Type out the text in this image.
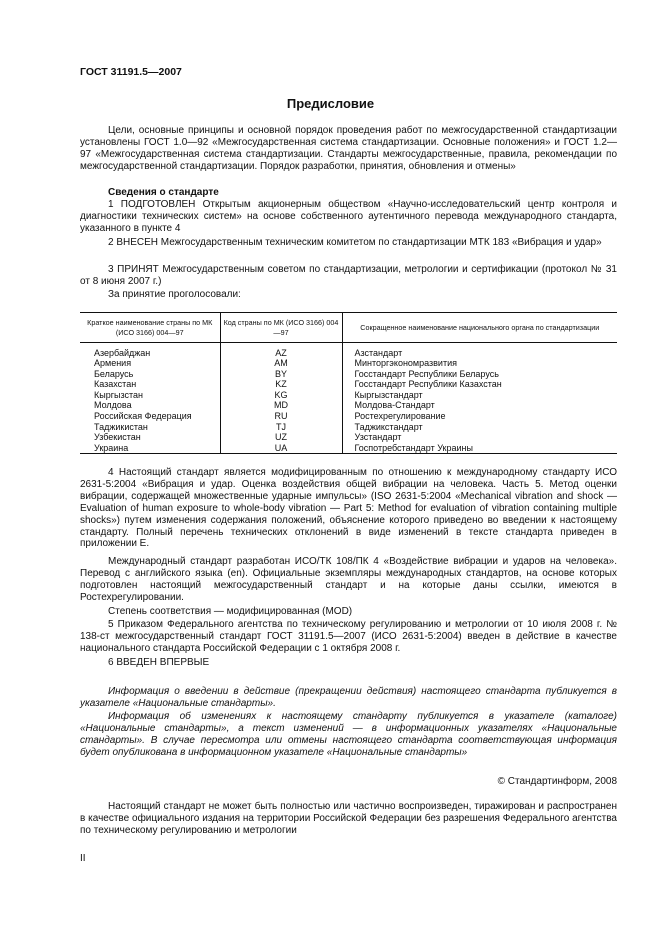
ГОСТ 31191.5—2007
Предисловие
Цели, основные принципы и основной порядок проведения работ по межгосударственной стандартизации установлены ГОСТ 1.0—92 «Межгосударственная система стандартизации. Основные положения» и ГОСТ 1.2—97 «Межгосударственная система стандартизации. Стандарты межгосударственные, правила, рекомендации по межгосударственной стандартизации. Порядок разработки, принятия, обновления и отмены»
Сведения о стандарте
1 ПОДГОТОВЛЕН Открытым акционерным обществом «Научно-исследовательский центр контроля и диагностики технических систем» на основе собственного аутентичного перевода международного стандарта, указанного в пункте 4
2 ВНЕСЕН Межгосударственным техническим комитетом по стандартизации МТК 183 «Вибрация и удар»
3 ПРИНЯТ Межгосударственным советом по стандартизации, метрологии и сертификации (протокол № 31 от 8 июня 2007 г.)
За принятие проголосовали:
Краткое наименование страны по МК (ИСО 3166) 004—97	Код страны по МК (ИСО 3166) 004—97	Сокращенное наименование национального органа по стандартизации

Азербайджан	AZ	Азстандарт
Армения	AM	Минторгэкономразвития
Беларусь	BY	Госстандарт Республики Беларусь
Казахстан	KZ	Госстандарт Республики Казахстан
Кыргызстан	KG	Кыргызстандарт
Молдова	MD	Молдова-Стандарт
Российская Федерация	RU	Ростехрегулирование
Таджикистан	TJ	Таджикстандарт
Узбекистан	UZ	Узстандарт
Украина	UA	Госпотребстандарт Украины
4 Настоящий стандарт является модифицированным по отношению к международному стандарту ИСО 2631-5:2004 «Вибрация и удар. Оценка воздействия общей вибрации на человека. Часть 5. Метод оценки вибрации, содержащей множественные ударные импульсы» (ISO 2631-5:2004 «Mechanical vibration and shock — Evaluation of human exposure to whole-body vibration — Part 5: Method for evaluation of vibration containing multiple shocks») путем изменения содержания положений, объяснение которого приведено во введении к настоящему стандарту. Полный перечень технических отклонений в виде изменений в тексте стандарта приведен в приложении Е.
Международный стандарт разработан ИСО/ТК 108/ПК 4 «Воздействие вибрации и ударов на человека». Перевод с английского языка (en). Официальные экземпляры международных стандартов, на основе которых подготовлен настоящий межгосударственный стандарт и на которые даны ссылки, имеются в Ростехрегулировании.
Степень соответствия — модифицированная (MOD)
5 Приказом Федерального агентства по техническому регулированию и метрологии от 10 июля 2008 г. № 138-ст межгосударственный стандарт ГОСТ 31191.5—2007 (ИСО 2631-5:2004) введен в действие в качестве национального стандарта Российской Федерации с 1 октября 2008 г.
6 ВВЕДЕН ВПЕРВЫЕ
Информация о введении в действие (прекращении действия) настоящего стандарта публикуется в указателе «Национальные стандарты».
Информация об изменениях к настоящему стандарту публикуется в указателе (каталоге) «Национальные стандарты», а текст изменений — в информационных указателях «Национальные стандарты». В случае пересмотра или отмены настоящего стандарта соответствующая информация будет опубликована в информационном указателе «Национальные стандарты»
© Стандартинформ, 2008
Настоящий стандарт не может быть полностью или частично воспроизведен, тиражирован и распространен в качестве официального издания на территории Российской Федерации без разрешения Федерального агентства по техническому регулированию и метрологии
II
